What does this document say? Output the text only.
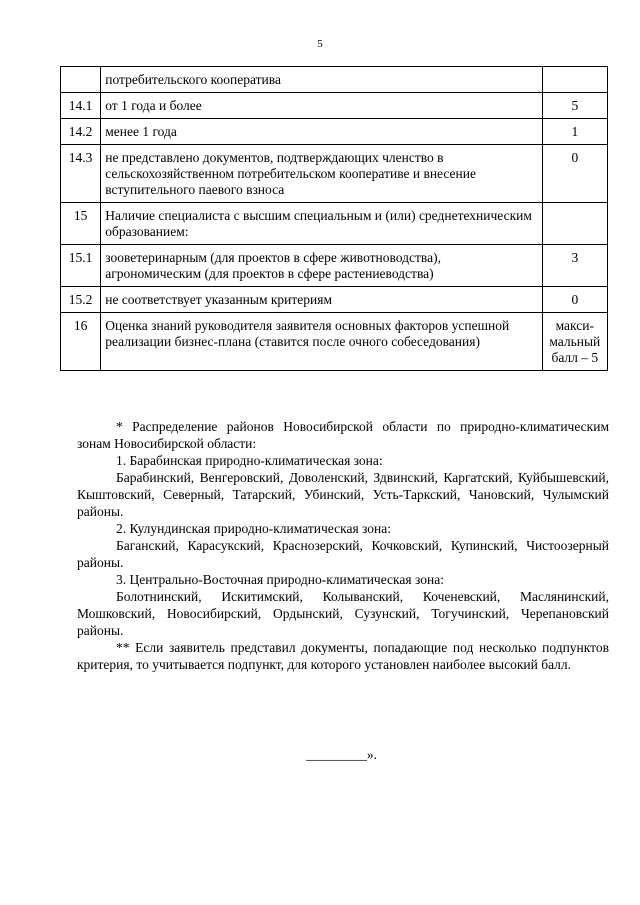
5
	потребительского кооператива	
14.1	от 1 года и более	5
14.2	менее 1 года	1
14.3	не представлено документов, подтверждающих членство в сельскохозяйственном потребительском кооперативе и внесение вступительного паевого взноса	0
15	Наличие специалиста с высшим специальным и (или) среднетехническим образованием:	
15.1	зооветеринарным (для проектов в сфере животноводства), агрономическим (для проектов в сфере растениеводства)	3
15.2	не соответствует указанным критериям	0
16	Оценка знаний руководителя заявителя основных факторов успешной реализации бизнес-плана (ставится после очного собеседования)	макси-мальный балл – 5

* Распределение районов Новосибирской области по природно-климатическим зонам Новосибирской области:

1. Барабинская природно-климатическая зона:

Барабинский, Венгеровский, Доволенский, Здвинский, Каргатский, Куйбышевский, Кыштовский, Северный, Татарский, Убинский, Усть-Таркский, Чановский, Чулымский районы.

2. Кулундинская природно-климатическая зона:

Баганский, Карасукский, Краснозерский, Кочковский, Купинский, Чистоозерный районы.

3. Центрально-Восточная природно-климатическая зона:

Болотнинский, Искитимский, Колыванский, Коченевский, Маслянинский, Мошковский, Новосибирский, Ордынский, Сузунский, Тогучинский, Черепановский районы.

** Если заявитель представил документы, попадающие под несколько подпунктов критерия, то учитывается подпункт, для которого установлен наиболее высокий балл.

_________».
